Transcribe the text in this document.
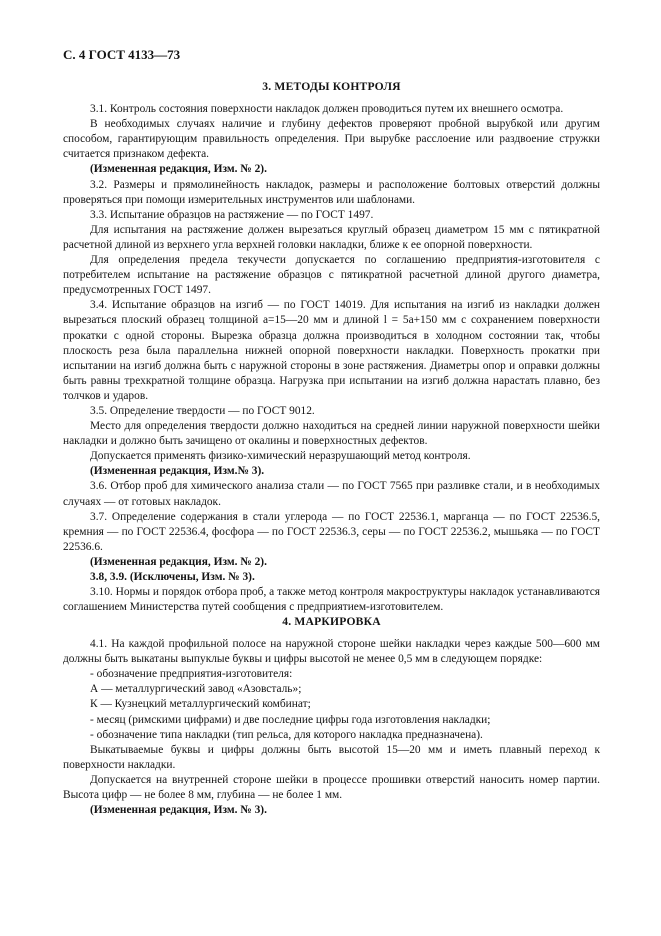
С. 4 ГОСТ 4133—73
3. МЕТОДЫ КОНТРОЛЯ

3.1. Контроль состояния поверхности накладок должен проводиться путем их внешнего осмотра.

В необходимых случаях наличие и глубину дефектов проверяют пробной вырубкой или другим способом, гарантирующим правильность определения. При вырубке расслоение или раздвоение стружки считается признаком дефекта.

(Измененная редакция, Изм. № 2).

3.2. Размеры и прямолинейность накладок, размеры и расположение болтовых отверстий должны проверяться при помощи измерительных инструментов или шаблонами.

3.3. Испытание образцов на растяжение — по ГОСТ 1497.

Для испытания на растяжение должен вырезаться круглый образец диаметром 15 мм с пятикратной расчетной длиной из верхнего угла верхней головки накладки, ближе к ее опорной поверхности.

Для определения предела текучести допускается по соглашению предприятия-изготовителя с потребителем испытание на растяжение образцов с пятикратной расчетной длиной другого диаметра, предусмотренных ГОСТ 1497.

3.4. Испытание образцов на изгиб — по ГОСТ 14019. Для испытания на изгиб из накладки должен вырезаться плоский образец толщиной a=15—20 мм и длиной l = 5a+150 мм с сохранением поверхности прокатки с одной стороны. Вырезка образца должна производиться в холодном состоянии так, чтобы плоскость реза была параллельна нижней опорной поверхности накладки. Поверхность прокатки при испытании на изгиб должна быть с наружной стороны в зоне растяжения. Диаметры опор и оправки должны быть равны трехкратной толщине образца. Нагрузка при испытании на изгиб должна нарастать плавно, без толчков и ударов.

3.5. Определение твердости — по ГОСТ 9012.

Место для определения твердости должно находиться на средней линии наружной поверхности шейки накладки и должно быть зачищено от окалины и поверхностных дефектов.

Допускается применять физико-химический неразрушающий метод контроля.

(Измененная редакция, Изм.№ 3).

3.6. Отбор проб для химического анализа стали — по ГОСТ 7565 при разливке стали, и в необходимых случаях — от готовых накладок.

3.7. Определение содержания в стали углерода — по ГОСТ 22536.1, марганца — по ГОСТ 22536.5, кремния — по ГОСТ 22536.4, фосфора — по ГОСТ 22536.3, серы — по ГОСТ 22536.2, мышьяка — по ГОСТ 22536.6.

(Измененная редакция, Изм. № 2).

3.8, 3.9. (Исключены, Изм. № 3).

3.10. Нормы и порядок отбора проб, а также метод контроля макроструктуры накладок устанавливаются соглашением Министерства путей сообщения с предприятием-изготовителем.

4. МАРКИРОВКА

4.1. На каждой профильной полосе на наружной стороне шейки накладки через каждые 500—600 мм должны быть выкатаны выпуклые буквы и цифры высотой не менее 0,5 мм в следующем порядке:

- обозначение предприятия-изготовителя:

А — металлургический завод «Азовсталь»;

К — Кузнецкий металлургический комбинат;

- месяц (римскими цифрами) и две последние цифры года изготовления накладки;

- обозначение типа накладки (тип рельса, для которого накладка предназначена).

Выкатываемые буквы и цифры должны быть высотой 15—20 мм и иметь плавный переход к поверхности накладки.

Допускается на внутренней стороне шейки в процессе прошивки отверстий наносить номер партии. Высота цифр — не более 8 мм, глубина — не более 1 мм.

(Измененная редакция, Изм. № 3).
